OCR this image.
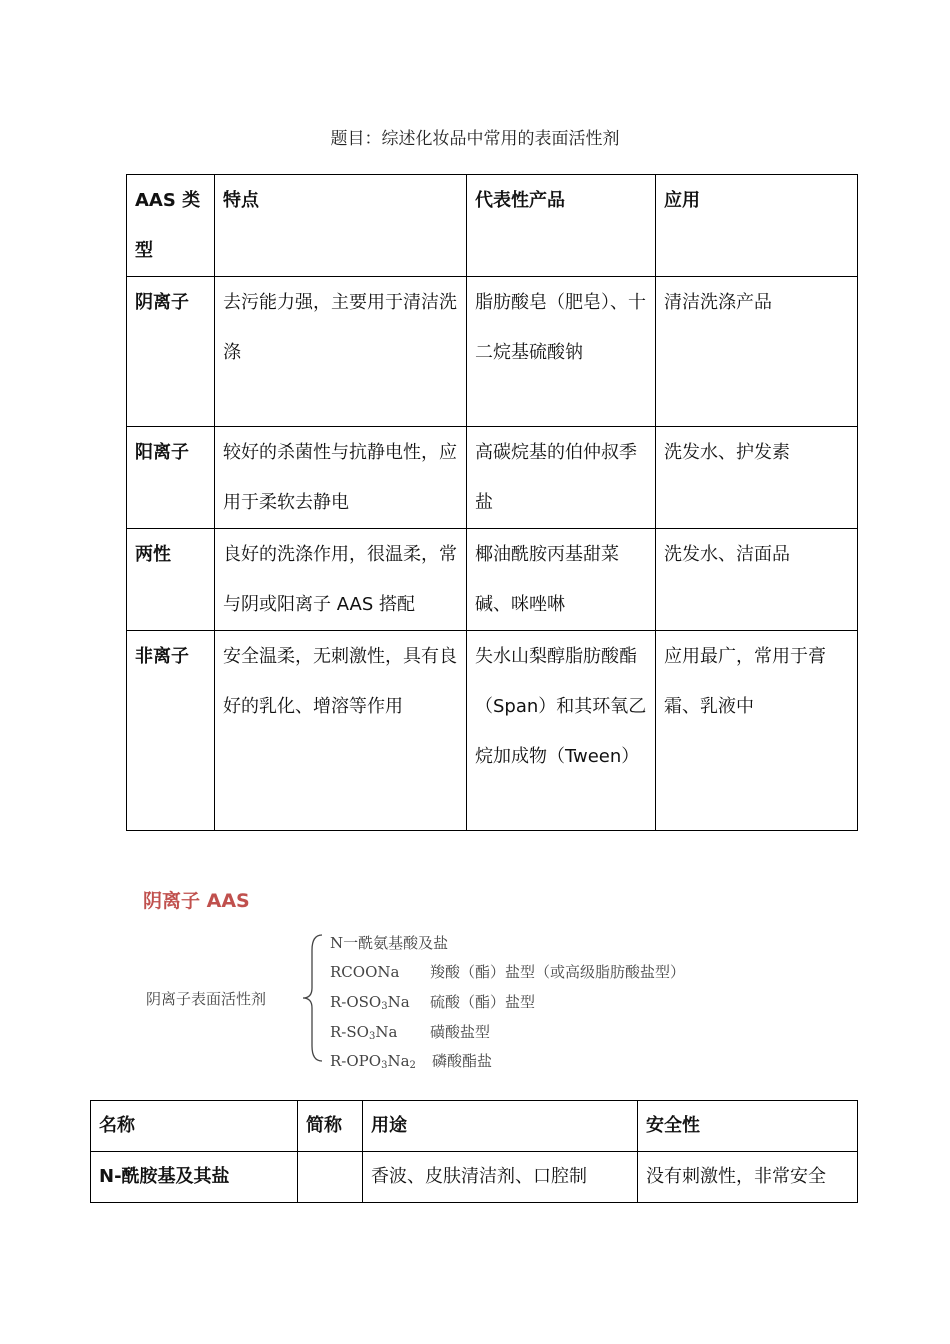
题目：综述化妆品中常用的表面活性剂
AAS 类型	特点	代表性产品	应用
阴离子	去污能力强，主要用于清洁洗涤	脂肪酸皂（肥皂）、十二烷基硫酸钠	清洁洗涤产品
阳离子	较好的杀菌性与抗静电性，应用于柔软去静电	高碳烷基的伯仲叔季盐	洗发水、护发素
两性	良好的洗涤作用，很温柔，常与阴或阳离子 AAS 搭配	椰油酰胺丙基甜菜碱、咪唑啉	洗发水、洁面品
非离子	安全温柔，无刺激性，具有良好的乳化、增溶等作用	失水山梨醇脂肪酸酯（Span）和其环氧乙烷加成物（Tween）	应用最广，常用于膏霜、乳液中
阴离子 AAS
阴离子表面活性剂
N一酰氨基酸及盐
RCOONa 羧酸（酯）盐型（或高级脂肪酸盐型）
$R-OSO_3Na$ 硫酸（酯）盐型
$R-SO_3Na$ 磺酸盐型
$R-OPO_3Na_2$ 磷酸酯盐
名称	简称	用途	安全性
N-酰胺基及其盐		香波、皮肤清洁剂、口腔制	没有刺激性，非常安全
